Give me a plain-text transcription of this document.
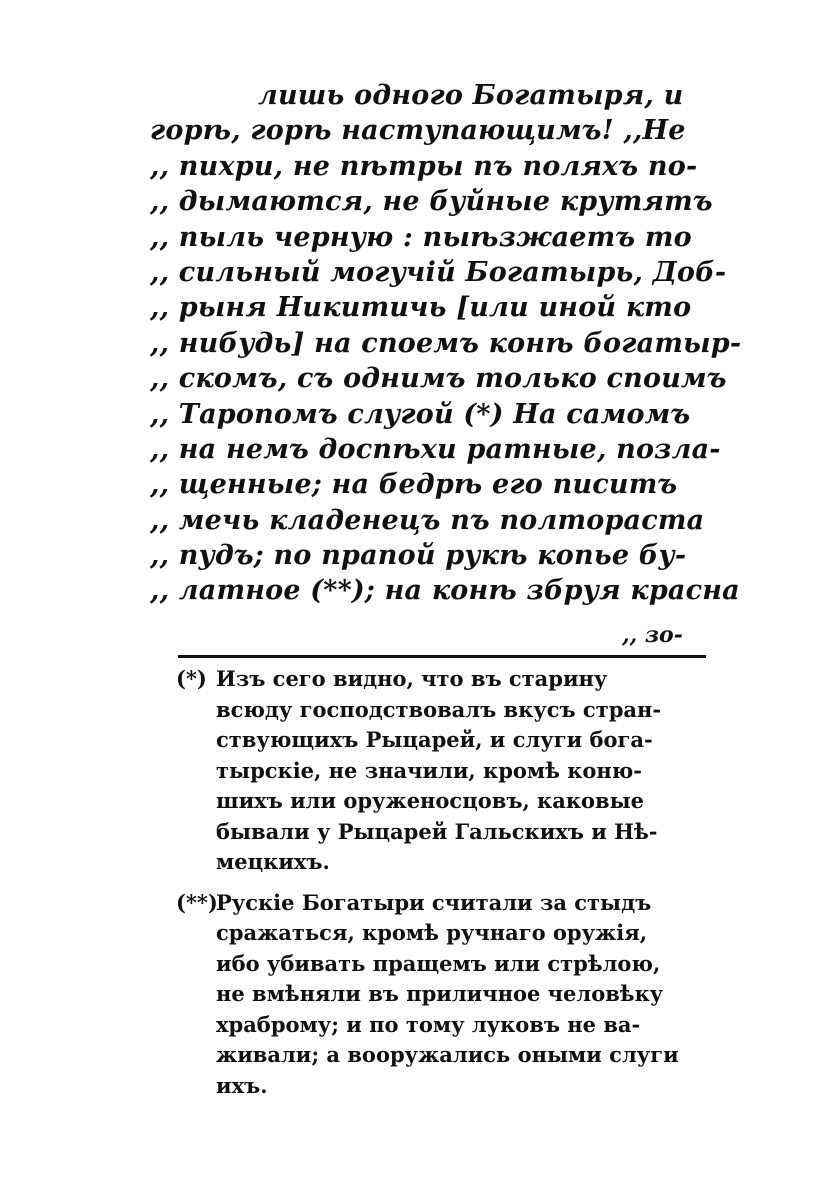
лишь одного Богатыря, и
горѣ, горѣ наступающимъ! ,,Не
,, пихри, не пѣтры пъ поляхъ по-
,, дымаются, не буйные крутятъ
,, пыль черную : пыѣзжаетъ то
,, сильный могучій Богатырь, Доб-
,, рыня Никитичь [или иной кто
,, нибудь] на споемъ конѣ богатыр-
,, скомъ, съ однимъ только споимъ
,, Таропомъ слугой (*) На самомъ
,, на немъ доспѣхи ратные, позла-
,, щенные; на бедрѣ его писитъ
,, мечь кладенецъ пъ полтораста
,, пудъ; по прапой рукѣ копье бу-
,, латное (**); на конѣ збруя красна
,, зо-
(*) Изъ сего видно, что въ старину
всюду господствовалъ вкусъ стран-
ствующихъ Рыцарей, и слуги бога-
тырскіе, не значили, кромѣ коню-
шихъ или оруженосцовъ, каковые
бывали у Рыцарей Гальскихъ и Нѣ-
мецкихъ.
(**)Рускіе Богатыри считали за стыдъ
сражаться, кромѣ ручнаго оружія,
ибо убивать пращемъ или стрѣлою,
не вмѣняли въ приличное человѣку
храброму; и по тому луковъ не ва-
живали; а вооружались оными слуги
ихъ.
